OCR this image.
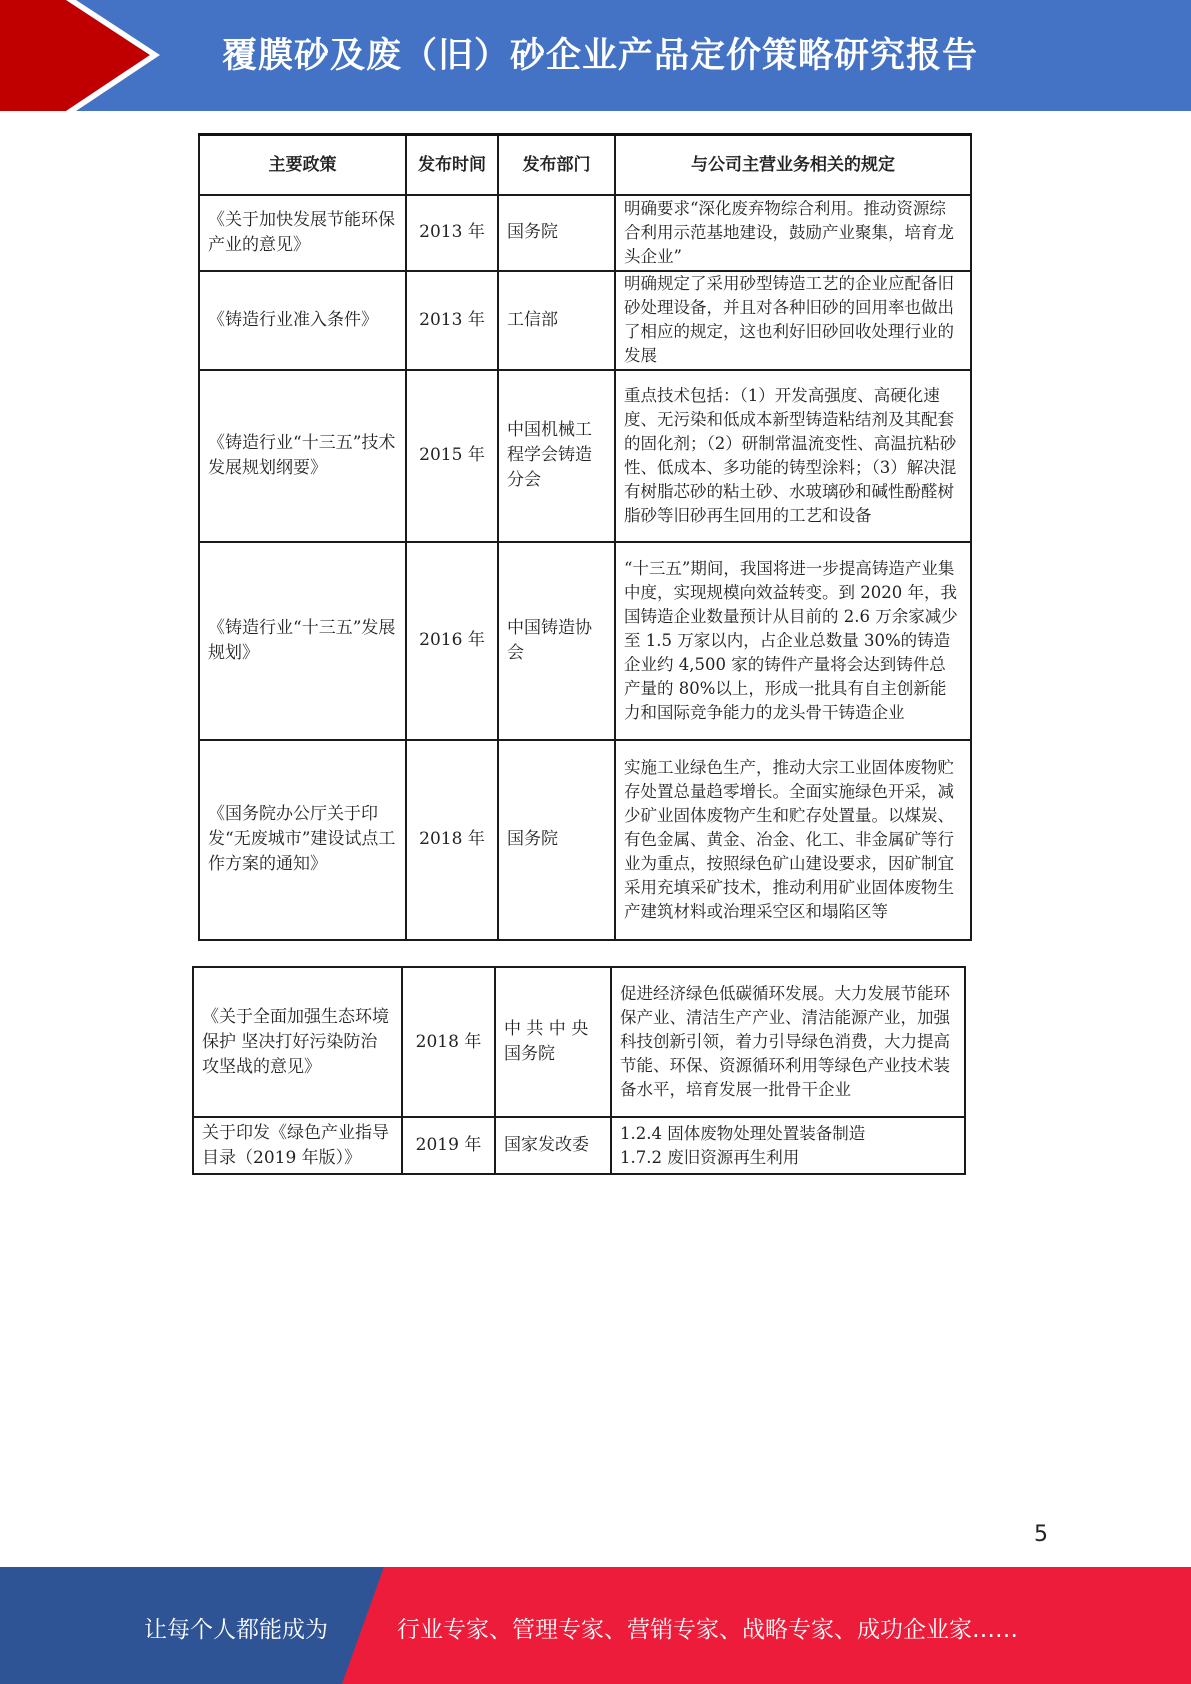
覆膜砂及废（旧）砂企业产品定价策略研究报告
主要政策	发布时间	发布部门	与公司主营业务相关的规定
《关于加快发展节能环保产业的意见》	2013 年	国务院	明确要求“深化废弃物综合利用。推动资源综合利用示范基地建设，鼓励产业聚集，培育龙头企业”
《铸造行业准入条件》	2013 年	工信部	明确规定了采用砂型铸造工艺的企业应配备旧砂处理设备，并且对各种旧砂的回用率也做出了相应的规定，这也利好旧砂回收处理行业的发展
《铸造行业“十三五”技术发展规划纲要》	2015 年	中国机械工程学会铸造分会	重点技术包括：（1）开发高强度、高硬化速度、无污染和低成本新型铸造粘结剂及其配套的固化剂；（2）研制常温流变性、高温抗粘砂性、低成本、多功能的铸型涂料；（3）解决混有树脂芯砂的粘土砂、水玻璃砂和碱性酚醛树脂砂等旧砂再生回用的工艺和设备
《铸造行业“十三五”发展规划》	2016 年	中国铸造协会	“十三五”期间，我国将进一步提高铸造产业集中度，实现规模向效益转变。到 2020 年，我国铸造企业数量预计从目前的 2.6 万余家减少至 1.5 万家以内，占企业总数量 30%的铸造企业约 4,500 家的铸件产量将会达到铸件总产量的 80%以上，形成一批具有自主创新能力和国际竞争能力的龙头骨干铸造企业
《国务院办公厅关于印发“无废城市”建设试点工作方案的通知》	2018 年	国务院	实施工业绿色生产，推动大宗工业固体废物贮存处置总量趋零增长。全面实施绿色开采，减少矿业固体废物产生和贮存处置量。以煤炭、有色金属、黄金、冶金、化工、非金属矿等行业为重点，按照绿色矿山建设要求，因矿制宜采用充填采矿技术，推动利用矿业固体废物生产建筑材料或治理采空区和塌陷区等
《关于全面加强生态环境保护 坚决打好污染防治攻坚战的意见》	2018 年	中 共 中 央 国务院	促进经济绿色低碳循环发展。大力发展节能环保产业、清洁生产产业、清洁能源产业，加强科技创新引领，着力引导绿色消费，大力提高节能、环保、资源循环利用等绿色产业技术装备水平，培育发展一批骨干企业
关于印发《绿色产业指导目录（2019 年版）》	2019 年	国家发改委	1.2.4 固体废物处理处置装备制造
1.7.2 废旧资源再生利用
5
让每个人都能成为	行业专家、管理专家、营销专家、战略专家、成功企业家……
